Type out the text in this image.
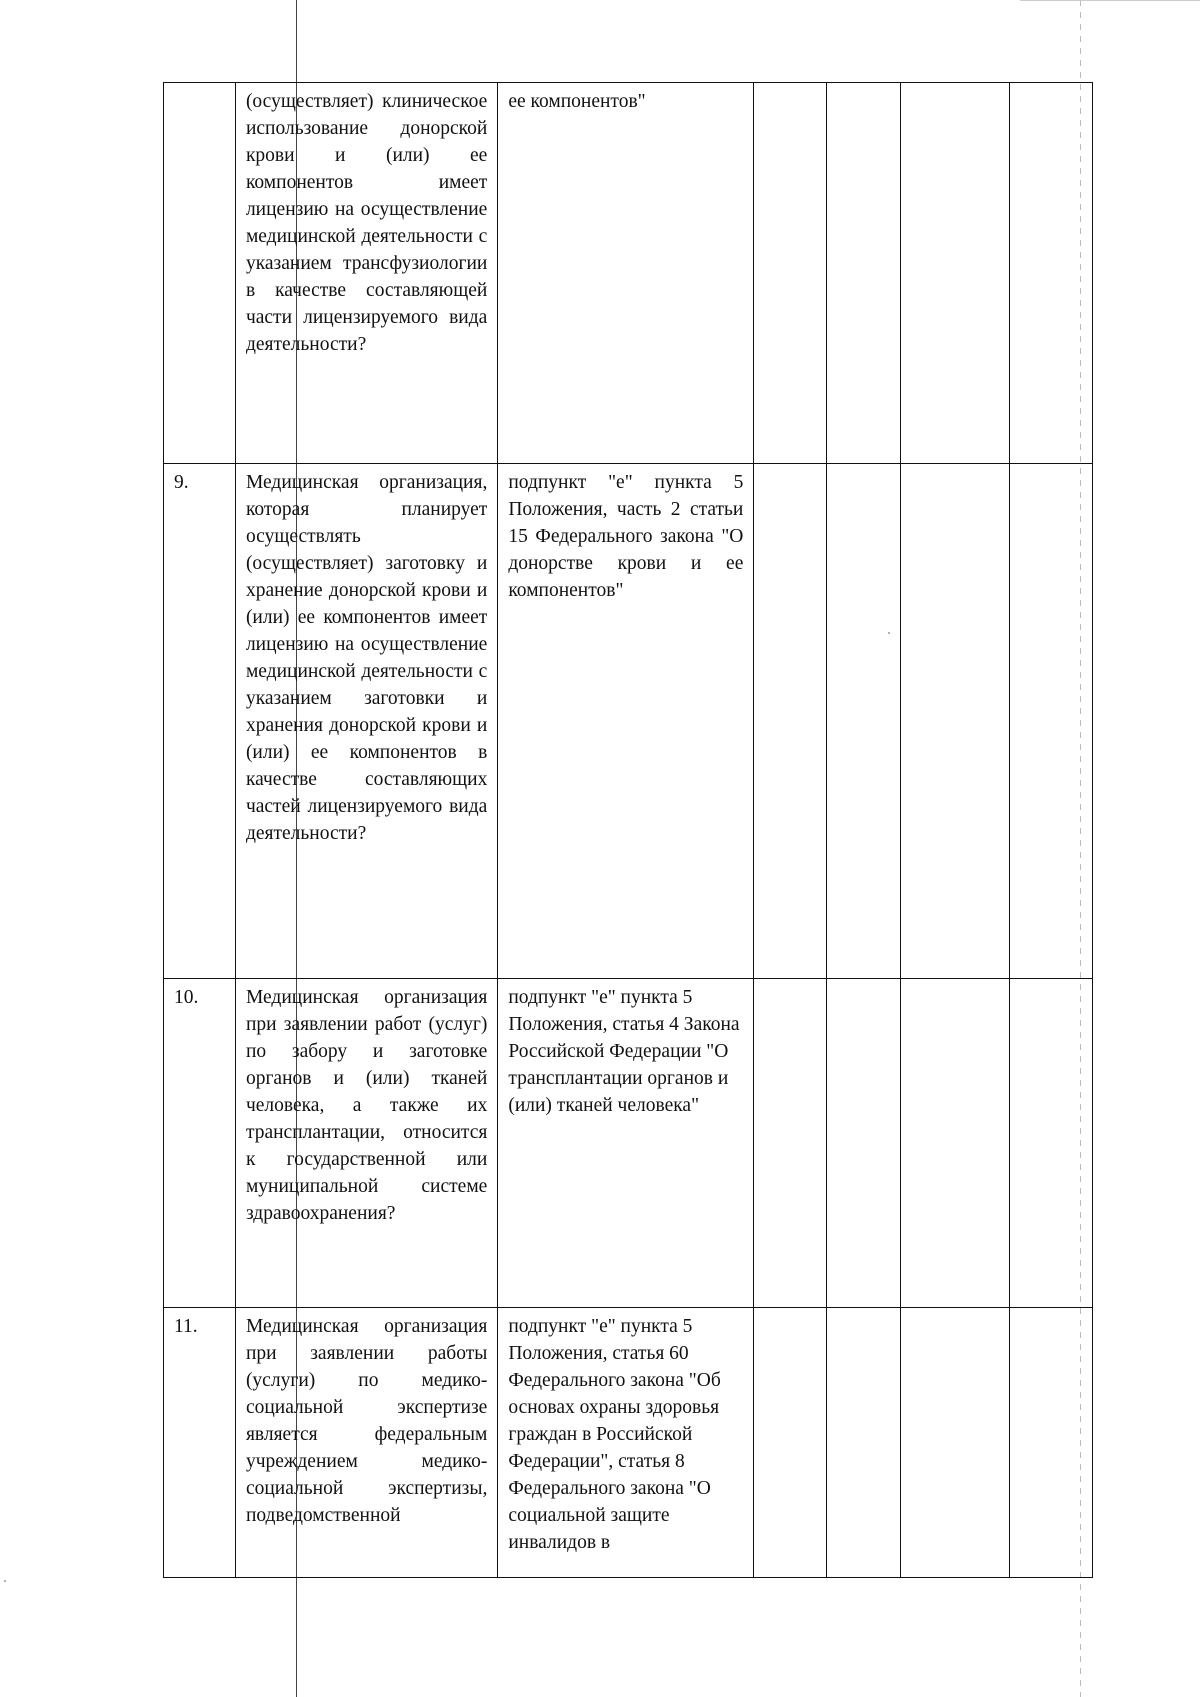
	(осуществляет) клиническое использование донорской крови и (или) ее компонентов имеет лицензию на осуществление медицинской деятельности с указанием трансфузиологии в качестве составляющей части лицензируемого вида деятельности?	ее компонентов"				
9.	Медицинская организация, которая планирует осуществлять (осуществляет) заготовку и хранение донорской крови и (или) ее компонентов имеет лицензию на осуществление медицинской деятельности с указанием заготовки и хранения донорской крови и (или) ее компонентов в качестве составляющих частей лицензируемого вида деятельности?	подпункт "е" пункта 5 Положения, часть 2 статьи 15 Федерального закона "О донорстве крови и ее компонентов"				
10.	Медицинская организация при заявлении работ (услуг) по забору и заготовке органов и (или) тканей человека, а также их трансплантации, относится к государственной или муниципальной системе здравоохранения?	подпункт "е" пункта 5 Положения, статья 4 Закона Российской Федерации "О трансплантации органов и (или) тканей человека"				
11.	Медицинская организация при заявлении работы (услуги) по медико-социальной экспертизе является федеральным учреждением медико-социальной экспертизы, подведомственной	подпункт "е" пункта 5 Положения, статья 60 Федерального закона "Об основах охраны здоровья граждан в Российской Федерации", статья 8 Федерального закона "О социальной защите инвалидов в				
